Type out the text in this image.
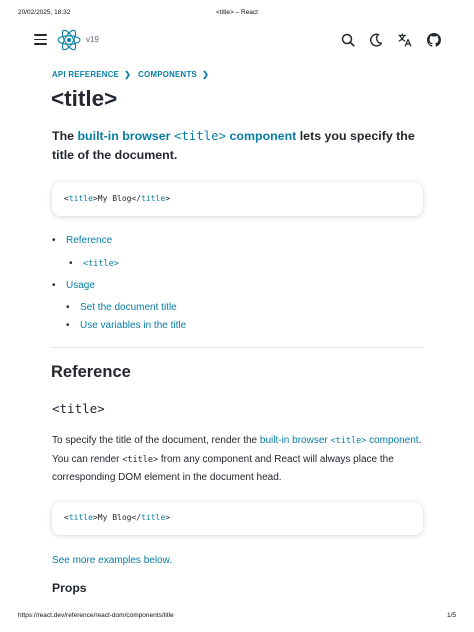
20/02/2025, 18:32	<title> – React
v19
API REFERENCE ❯ COMPONENTS ❯
<title>

The built-in browser <title> component lets you specify the title of the document.

<title>My Blog</title>
• Reference
• <title>
• Usage
• Set the document title
• Use variables in the title
Reference
<title>

To specify the title of the document, render the built-in browser <title> component. You can render <title> from any component and React will always place the corresponding DOM element in the document head.

<title>My Blog</title>
See more examples below.
Props
https://react.dev/reference/react-dom/components/title	1/5
